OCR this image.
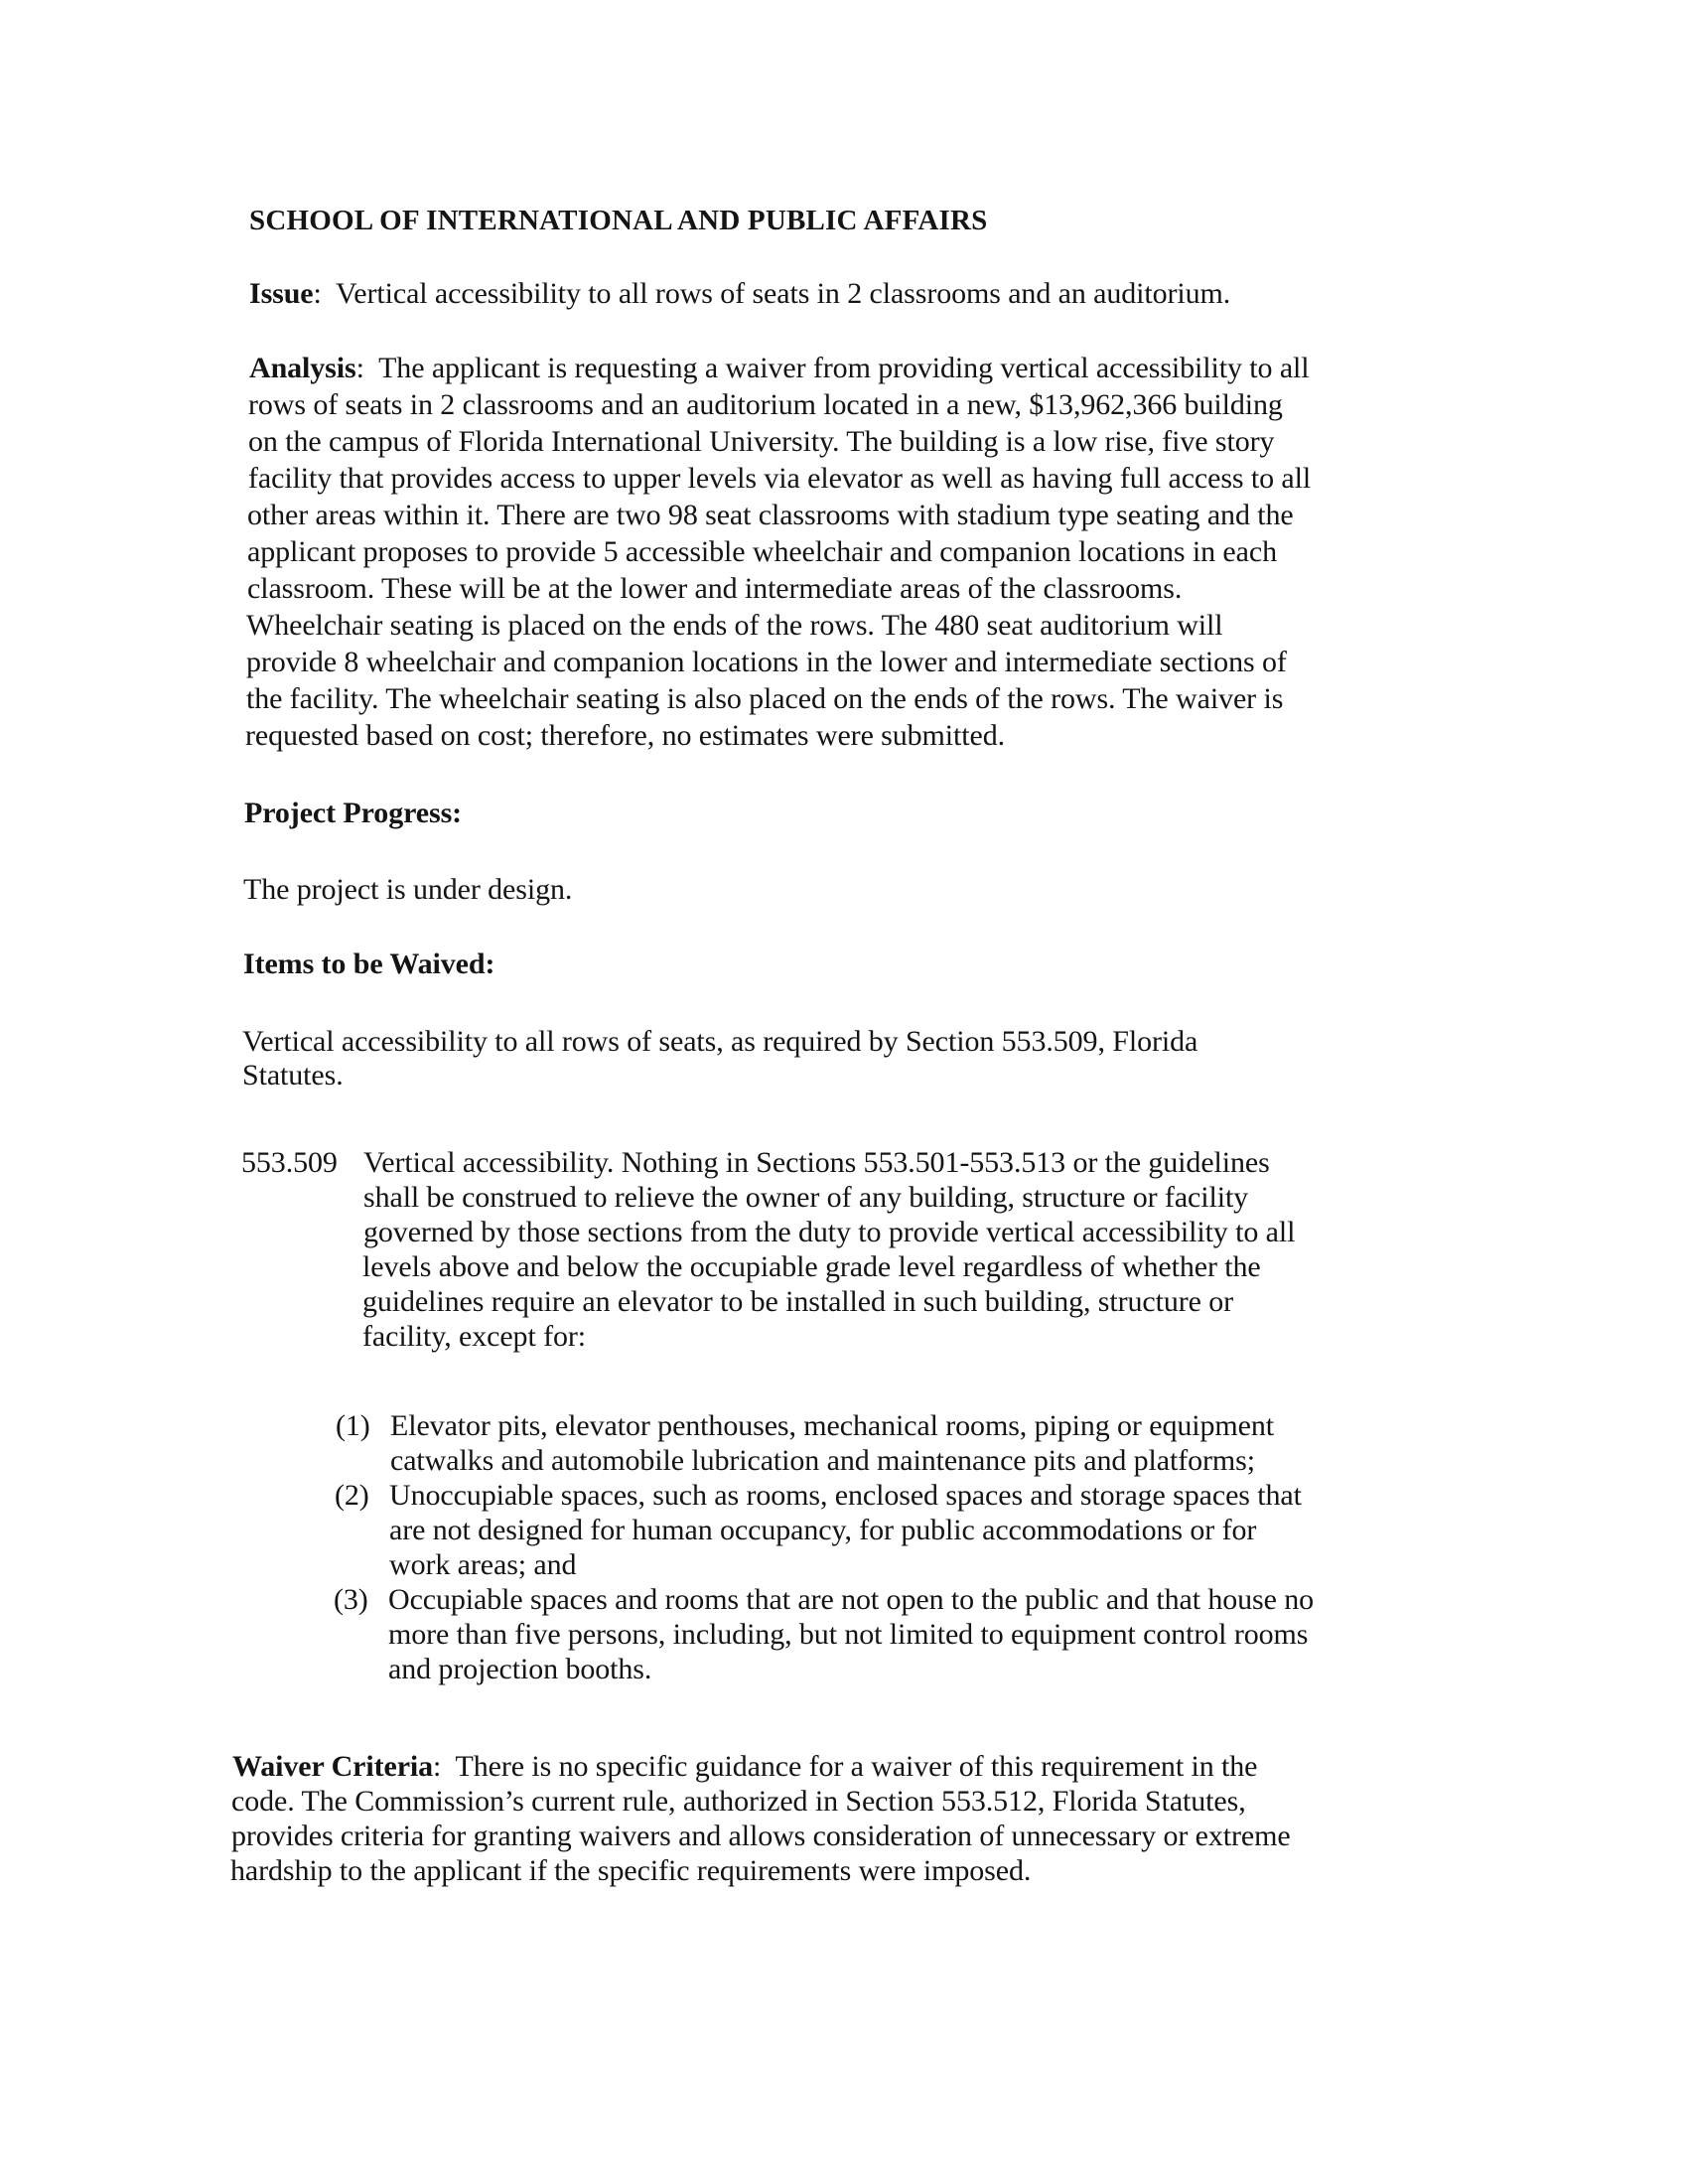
SCHOOL OF INTERNATIONAL AND PUBLIC AFFAIRS
Issue:  Vertical accessibility to all rows of seats in 2 classrooms and an auditorium.
Analysis:  The applicant is requesting a waiver from providing vertical accessibility to all
rows of seats in 2 classrooms and an auditorium located in a new, $13,962,366 building
on the campus of Florida International University. The building is a low rise, five story
facility that provides access to upper levels via elevator as well as having full access to all
other areas within it. There are two 98 seat classrooms with stadium type seating and the
applicant proposes to provide 5 accessible wheelchair and companion locations in each
classroom. These will be at the lower and intermediate areas of the classrooms.
Wheelchair seating is placed on the ends of the rows. The 480 seat auditorium will
provide 8 wheelchair and companion locations in the lower and intermediate sections of
the facility. The wheelchair seating is also placed on the ends of the rows. The waiver is
requested based on cost; therefore, no estimates were submitted.
Project Progress:
The project is under design.
Items to be Waived:
Vertical accessibility to all rows of seats, as required by Section 553.509, Florida
Statutes.
553.509 Vertical accessibility. Nothing in Sections 553.501-553.513 or the guidelines
shall be construed to relieve the owner of any building, structure or facility
governed by those sections from the duty to provide vertical accessibility to all
levels above and below the occupiable grade level regardless of whether the
guidelines require an elevator to be installed in such building, structure or
facility, except for:
(1) Elevator pits, elevator penthouses, mechanical rooms, piping or equipment
catwalks and automobile lubrication and maintenance pits and platforms;
(2) Unoccupiable spaces, such as rooms, enclosed spaces and storage spaces that
are not designed for human occupancy, for public accommodations or for
work areas; and
(3) Occupiable spaces and rooms that are not open to the public and that house no
more than five persons, including, but not limited to equipment control rooms
and projection booths.
Waiver Criteria:  There is no specific guidance for a waiver of this requirement in the
code. The Commission’s current rule, authorized in Section 553.512, Florida Statutes,
provides criteria for granting waivers and allows consideration of unnecessary or extreme
hardship to the applicant if the specific requirements were imposed.
